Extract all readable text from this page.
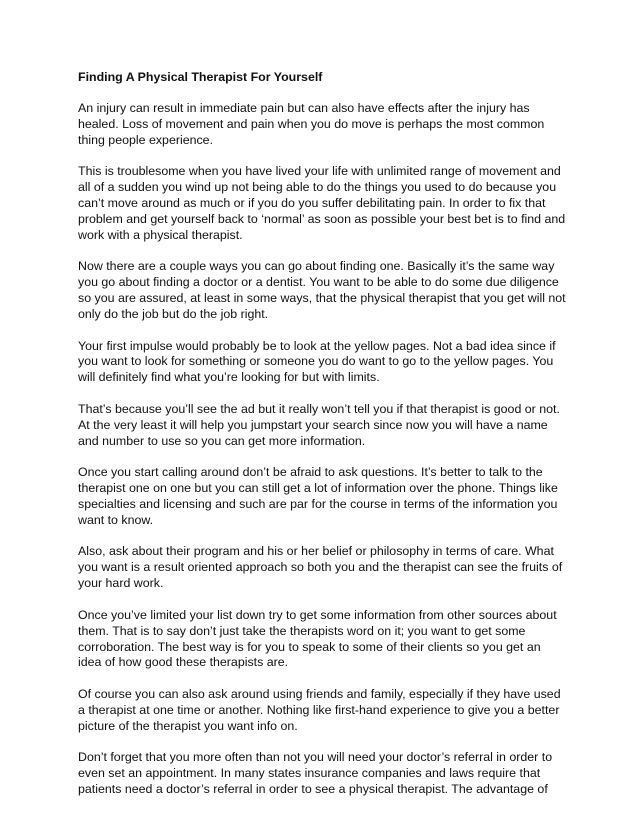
Finding A Physical Therapist For Yourself

An injury can result in immediate pain but can also have effects after the injury has healed. Loss of movement and pain when you do move is perhaps the most common thing people experience.

This is troublesome when you have lived your life with unlimited range of movement and all of a sudden you wind up not being able to do the things you used to do because you can’t move around as much or if you do you suffer debilitating pain. In order to fix that problem and get yourself back to ‘normal’ as soon as possible your best bet is to find and work with a physical therapist.

Now there are a couple ways you can go about finding one. Basically it’s the same way you go about finding a doctor or a dentist. You want to be able to do some due diligence so you are assured, at least in some ways, that the physical therapist that you get will not only do the job but do the job right.

Your first impulse would probably be to look at the yellow pages. Not a bad idea since if you want to look for something or someone you do want to go to the yellow pages. You will definitely find what you’re looking for but with limits.

That’s because you’ll see the ad but it really won’t tell you if that therapist is good or not. At the very least it will help you jumpstart your search since now you will have a name and number to use so you can get more information.

Once you start calling around don’t be afraid to ask questions. It’s better to talk to the therapist one on one but you can still get a lot of information over the phone. Things like specialties and licensing and such are par for the course in terms of the information you want to know.

Also, ask about their program and his or her belief or philosophy in terms of care. What you want is a result oriented approach so both you and the therapist can see the fruits of your hard work.

Once you’ve limited your list down try to get some information from other sources about them. That is to say don’t just take the therapists word on it; you want to get some corroboration. The best way is for you to speak to some of their clients so you get an idea of how good these therapists are.

Of course you can also ask around using friends and family, especially if they have used a therapist at one time or another. Nothing like first-hand experience to give you a better picture of the therapist you want info on.

Don’t forget that you more often than not you will need your doctor’s referral in order to even set an appointment. In many states insurance companies and laws require that patients need a doctor’s referral in order to see a physical therapist. The advantage of
